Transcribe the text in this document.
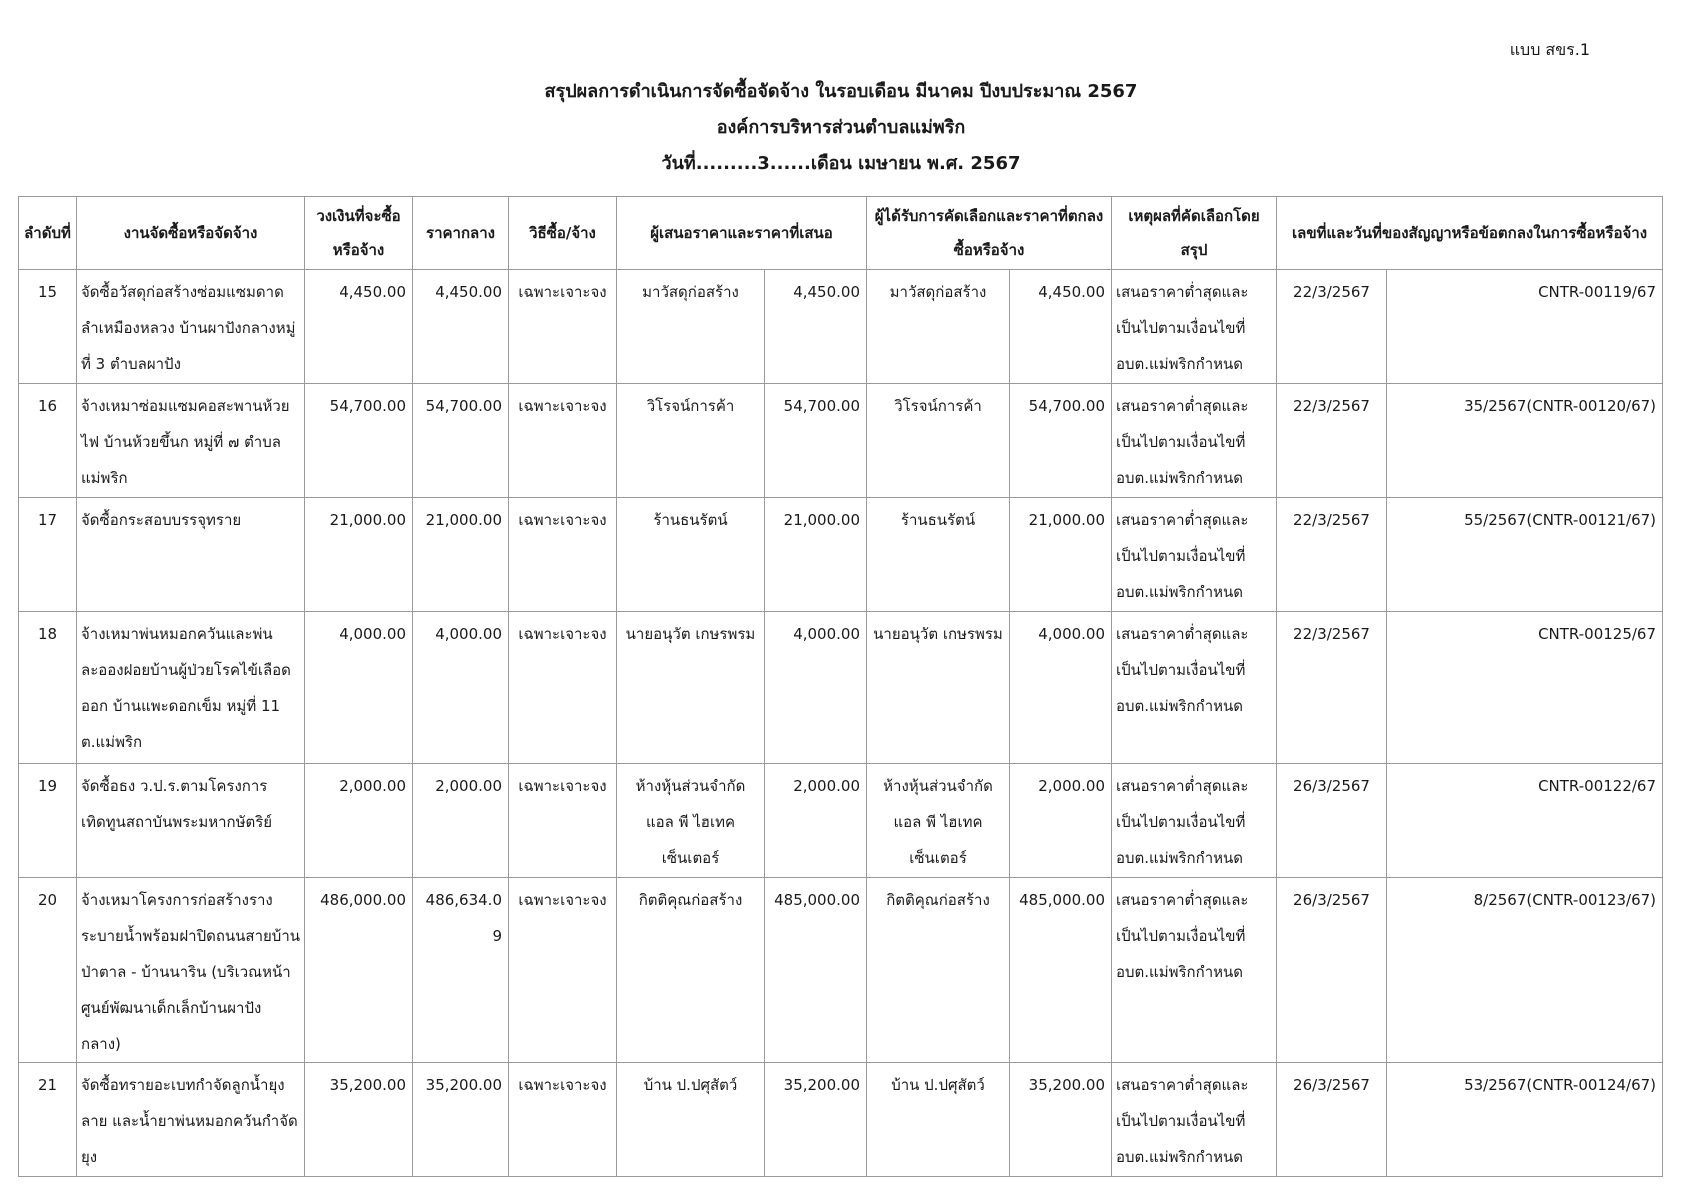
แบบ สขร.1
สรุปผลการดำเนินการจัดซื้อจัดจ้าง ในรอบเดือน มีนาคม ปีงบประมาณ 2567
องค์การบริหารส่วนตำบลแม่พริก
วันที่.........3......เดือน เมษายน พ.ศ. 2567
ลำดับที่	งานจัดซื้อหรือจัดจ้าง	วงเงินที่จะซื้อหรือจ้าง	ราคากลาง	วิธีซื้อ/จ้าง	ผู้เสนอราคาและราคาที่เสนอ		ผู้ได้รับการคัดเลือกและราคาที่ตกลงซื้อหรือจ้าง		เหตุผลที่คัดเลือกโดยสรุป	เลขที่และวันที่ของสัญญาหรือข้อตกลงในการซื้อหรือจ้าง	
15	จัดซื้อวัสดุก่อสร้างซ่อมแซมดาดลำเหมืองหลวง บ้านผาปังกลางหมู่ที่ 3 ตำบลผาปัง	4,450.00	4,450.00	เฉพาะเจาะจง	มาวัสดุก่อสร้าง	4,450.00	มาวัสดุก่อสร้าง	4,450.00	เสนอราคาต่ำสุดและเป็นไปตามเงื่อนไขที่ อบต.แม่พริกกำหนด	22/3/2567	CNTR-00119/67
16	จ้างเหมาซ่อมแซมคอสะพานห้วยไฟ บ้านห้วยขึ้นก หมู่ที่ ๗ ตำบลแม่พริก	54,700.00	54,700.00	เฉพาะเจาะจง	วิโรจน์การค้า	54,700.00	วิโรจน์การค้า	54,700.00	เสนอราคาต่ำสุดและเป็นไปตามเงื่อนไขที่ อบต.แม่พริกกำหนด	22/3/2567	35/2567(CNTR-00120/67)
17	จัดซื้อกระสอบบรรจุทราย	21,000.00	21,000.00	เฉพาะเจาะจง	ร้านธนรัตน์	21,000.00	ร้านธนรัตน์	21,000.00	เสนอราคาต่ำสุดและเป็นไปตามเงื่อนไขที่ อบต.แม่พริกกำหนด	22/3/2567	55/2567(CNTR-00121/67)
18	จ้างเหมาพ่นหมอกควันและพ่นละอองฝอยบ้านผู้ป่วยโรคไข้เลือดออก บ้านแพะดอกเข็ม หมู่ที่ 11 ต.แม่พริก	4,000.00	4,000.00	เฉพาะเจาะจง	นายอนุวัต เกษรพรม	4,000.00	นายอนุวัต เกษรพรม	4,000.00	เสนอราคาต่ำสุดและเป็นไปตามเงื่อนไขที่ อบต.แม่พริกกำหนด	22/3/2567	CNTR-00125/67
19	จัดซื้อธง ว.ป.ร.ตามโครงการเทิดทูนสถาบันพระมหากษัตริย์	2,000.00	2,000.00	เฉพาะเจาะจง	ห้างหุ้นส่วนจำกัด แอล พี ไฮเทค เซ็นเตอร์	2,000.00	ห้างหุ้นส่วนจำกัด แอล พี ไฮเทค เซ็นเตอร์	2,000.00	เสนอราคาต่ำสุดและเป็นไปตามเงื่อนไขที่ อบต.แม่พริกกำหนด	26/3/2567	CNTR-00122/67
20	จ้างเหมาโครงการก่อสร้างรางระบายน้ำพร้อมฝาปิดถนนสายบ้านป่าตาล - บ้านนาริน (บริเวณหน้าศูนย์พัฒนาเด็กเล็กบ้านผาปังกลาง)	486,000.00	486,634.09	เฉพาะเจาะจง	กิตติคุณก่อสร้าง	485,000.00	กิตติคุณก่อสร้าง	485,000.00	เสนอราคาต่ำสุดและเป็นไปตามเงื่อนไขที่ อบต.แม่พริกกำหนด	26/3/2567	8/2567(CNTR-00123/67)
21	จัดซื้อทรายอะเบทกำจัดลูกน้ำยุงลาย และน้ำยาพ่นหมอกควันกำจัดยุง	35,200.00	35,200.00	เฉพาะเจาะจง	บ้าน ป.ปศุสัตว์	35,200.00	บ้าน ป.ปศุสัตว์	35,200.00	เสนอราคาต่ำสุดและเป็นไปตามเงื่อนไขที่ อบต.แม่พริกกำหนด	26/3/2567	53/2567(CNTR-00124/67)
